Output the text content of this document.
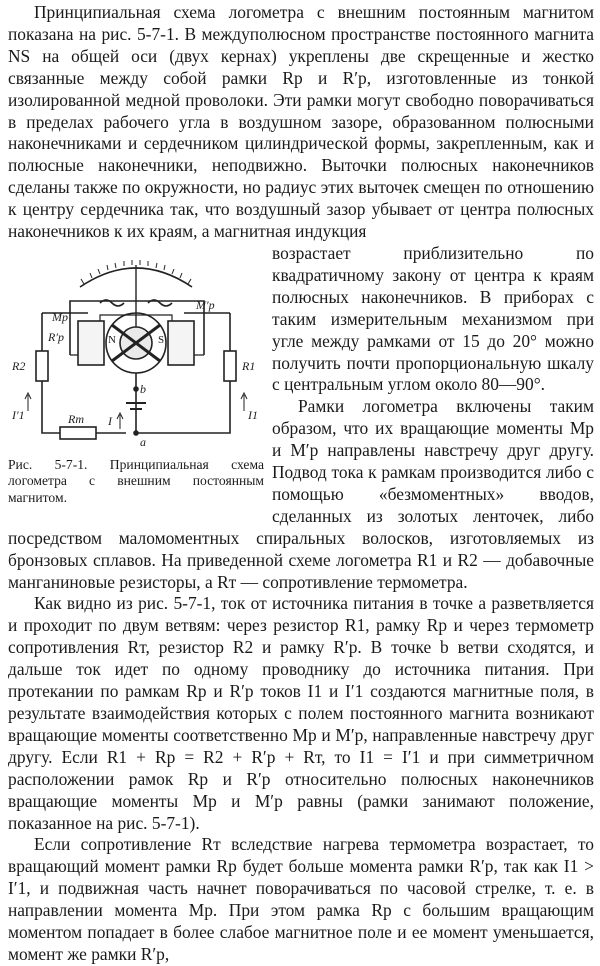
Принципиальная схема логометра с внешним постоянным магнитом показана на рис. 5-7-1. В междуполюсном пространстве постоянного магнита NS на общей оси (двух кернах) укреплены две скрещенные и жестко связанные между собой рамки Rр и R′р, изготовленные из тонкой изолированной медной проволоки. Эти рамки могут свободно поворачиваться в пределах рабочего угла в воздушном зазоре, образованном полюсными наконечниками и сердечником цилиндрической формы, закрепленным, как и полюсные наконечники, неподвижно. Выточки полюсных наконечников сделаны также по окружности, но радиус этих выточек смещен по отношению к центру сердечника так, что воздушный зазор убывает от центра полюсных наконечников к их краям, а магнитная индукция

Mр
M′р
R′р	N	S
R2	R1
I′1	I1
I
Rт
b
a
Рис. 5-7-1. Принципиальная схема логометра с внешним постоянным магнитом.

возрастает приблизительно по квадратичному закону от центра к краям полюсных наконечников. В приборах с таким измерительным механизмом при угле между рамками от 15 до 20° можно получить почти пропорциональную шкалу с центральным углом около 80—90°.

Рамки логометра включены таким образом, что их вращающие моменты Mр и M′р направлены навстречу друг другу. Подвод тока к рамкам производится либо с помощью «безмоментных» вводов, сделанных из золотых ленточек, либо посредством маломоментных спиральных волосков, изготовляемых из бронзовых сплавов. На приведенной схеме логометра R1 и R2 — добавочные манганиновые резисторы, а Rт — сопротивление термометра.

Как видно из рис. 5-7-1, ток от источника питания в точке a разветвляется и проходит по двум ветвям: через резистор R1, рамку Rр и через термометр сопротивления Rт, резистор R2 и рамку R′р. В точке b ветви сходятся, и дальше ток идет по одному проводнику до источника питания. При протекании по рамкам Rр и R′р токов I1 и I′1 создаются магнитные поля, в результате взаимодействия которых с полем постоянного магнита возникают вращающие моменты соответственно Mр и M′р, направленные навстречу друг другу. Если R1 + Rр = R2 + R′р + Rт, то I1 = I′1 и при симметричном расположении рамок Rр и R′р относительно полюсных наконечников вращающие моменты Mр и M′р равны (рамки занимают положение, показанное на рис. 5-7-1).

Если сопротивление Rт вследствие нагрева термометра возрастает, то вращающий момент рамки Rр будет больше момента рамки R′р, так как I1 > I′1, и подвижная часть начнет поворачиваться по часовой стрелке, т. е. в направлении момента Mр. При этом рамка Rр с большим вращающим моментом попадает в более слабое магнитное поле и ее момент уменьшается, момент же рамки R′р,
